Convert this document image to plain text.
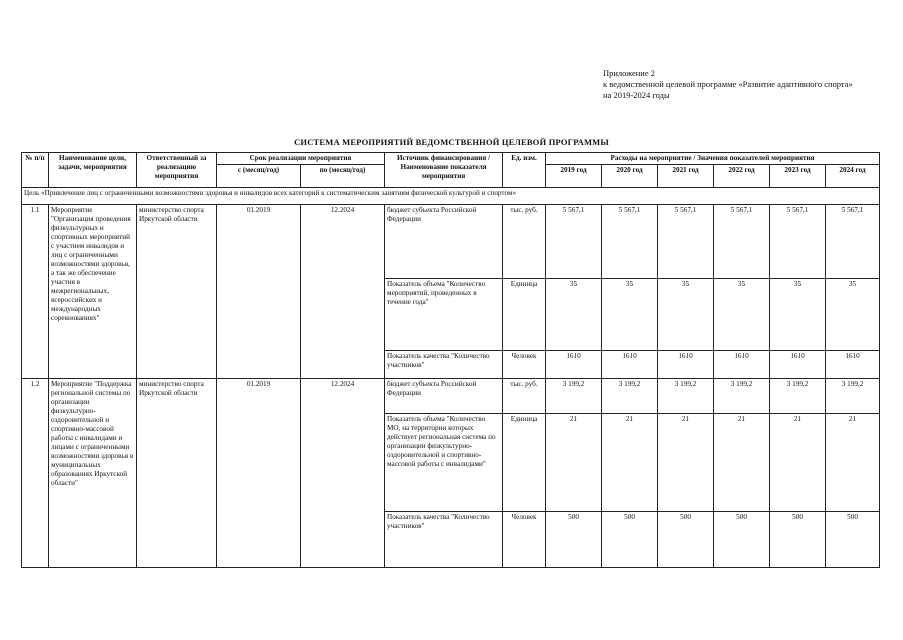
Приложение 2
к ведомственной целевой программе «Развитие адаптивного спорта»
на 2019-2024 годы
СИСТЕМА МЕРОПРИЯТИЙ ВЕДОМСТВЕННОЙ ЦЕЛЕВОЙ ПРОГРАММЫ
№ п/п	Наименование цели, задачи, мероприятия	Ответственный за реализацию мероприятия	Срок реализации мероприятия		Источник финансирования / Наименование показателя мероприятия	Ед. изм.	Расходы на мероприятие / Значения показателей мероприятия					
			с (месяц/год)	по (месяц/год)			2019 год	2020 год	2021 год	2022 год	2023 год	2024 год
Цель «Привлечение лиц с ограниченными возможностями здоровья и инвалидов всех категорий к систематическим занятиям физической культурой и спортом»												
1.1	Мероприятие "Организация проведения физкультурных и спортивных мероприятий с участием инвалидов и лиц с ограниченными возможностями здоровья, а так же обеспечение участия в межрегиональных, всероссийских и международных соревнованиях"	министерство спорта Иркутской области	01.2019	12.2024	бюджет субъекта Российской Федерации	тыс. руб.	5 567,1	5 567,1	5 567,1	5 567,1	5 567,1	5 567,1
					Показатель объема "Количество мероприятий, проведенных в течение года"	Единица	35	35	35	35	35	35
					Показатель качества "Количество участников"	Человек	1610	1610	1610	1610	1610	1610
1.2	Мероприятие "Поддержка региональной системы по организации физкультурно-оздоровительной и спортивно-массовой работы с инвалидами и лицами с ограниченными возможностями здоровья в муниципальных образованиях Иркутской области"	министерство спорта Иркутской области	01.2019	12.2024	бюджет субъекта Российской Федерации	тыс. руб.	3 199,2	3 199,2	3 199,2	3 199,2	3 199,2	3 199,2
					Показатель объема "Количество МО, на территории которых действует региональная система по организации физкультурно-оздоровительной и спортивно-массовой работы с инвалидами"	Единица	21	21	21	21	21	21
					Показатель качества "Количество участников"	Человек	500	500	500	500	500	500
